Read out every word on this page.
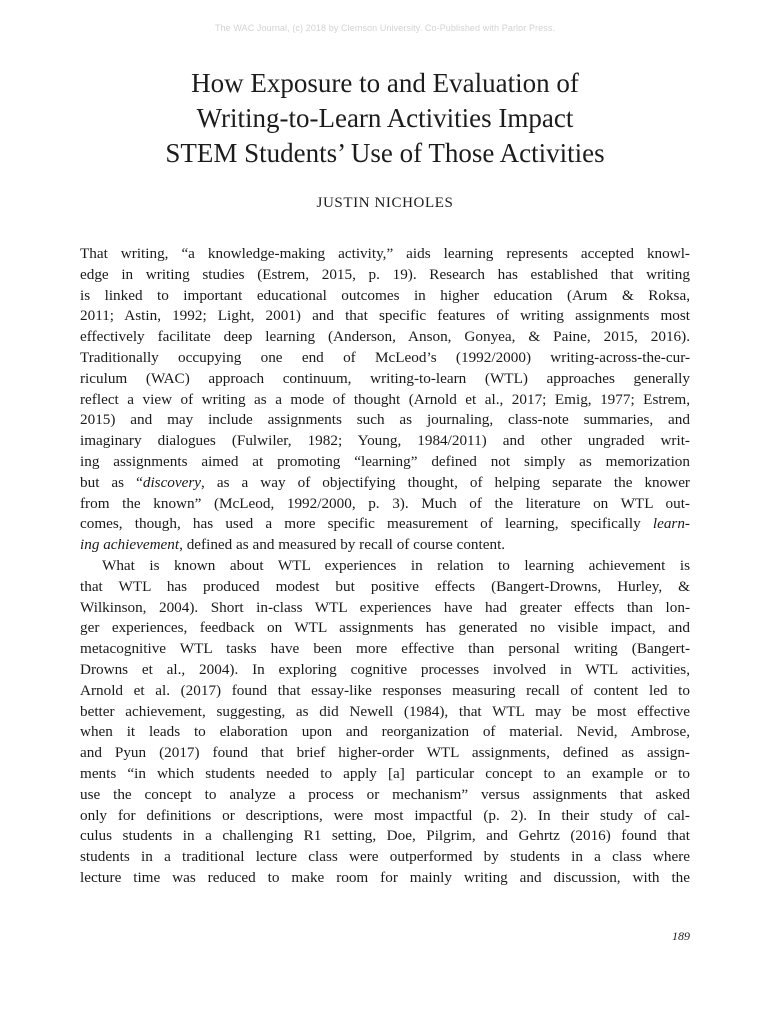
The WAC Journal, (c) 2018 by Clemson University. Co-Published with Parlor Press.
How Exposure to and Evaluation of
Writing-to-Learn Activities Impact
STEM Students’ Use of Those Activities
JUSTIN NICHOLES
That writing, “a knowledge-making activity,” aids learning represents accepted knowl-
edge in writing studies (Estrem, 2015, p. 19). Research has established that writing
is linked to important educational outcomes in higher education (Arum & Roksa,
2011; Astin, 1992; Light, 2001) and that specific features of writing assignments most
effectively facilitate deep learning (Anderson, Anson, Gonyea, & Paine, 2015, 2016).
Traditionally occupying one end of McLeod’s (1992/2000) writing-across-the-cur-
riculum (WAC) approach continuum, writing-to-learn (WTL) approaches generally
reflect a view of writing as a mode of thought (Arnold et al., 2017; Emig, 1977; Estrem,
2015) and may include assignments such as journaling, class-note summaries, and
imaginary dialogues (Fulwiler, 1982; Young, 1984/2011) and other ungraded writ-
ing assignments aimed at promoting “learning” defined not simply as memorization
but as “discovery, as a way of objectifying thought, of helping separate the knower
from the known” (McLeod, 1992/2000, p. 3). Much of the literature on WTL out-
comes, though, has used a more specific measurement of learning, specifically learn-
ing achievement, defined as and measured by recall of course content.
What is known about WTL experiences in relation to learning achievement is
that WTL has produced modest but positive effects (Bangert-Drowns, Hurley, &
Wilkinson, 2004). Short in-class WTL experiences have had greater effects than lon-
ger experiences, feedback on WTL assignments has generated no visible impact, and
metacognitive WTL tasks have been more effective than personal writing (Bangert-
Drowns et al., 2004). In exploring cognitive processes involved in WTL activities,
Arnold et al. (2017) found that essay-like responses measuring recall of content led to
better achievement, suggesting, as did Newell (1984), that WTL may be most effective
when it leads to elaboration upon and reorganization of material. Nevid, Ambrose,
and Pyun (2017) found that brief higher-order WTL assignments, defined as assign-
ments “in which students needed to apply [a] particular concept to an example or to
use the concept to analyze a process or mechanism” versus assignments that asked
only for definitions or descriptions, were most impactful (p. 2). In their study of cal-
culus students in a challenging R1 setting, Doe, Pilgrim, and Gehrtz (2016) found that
students in a traditional lecture class were outperformed by students in a class where
lecture time was reduced to make room for mainly writing and discussion, with the
189
